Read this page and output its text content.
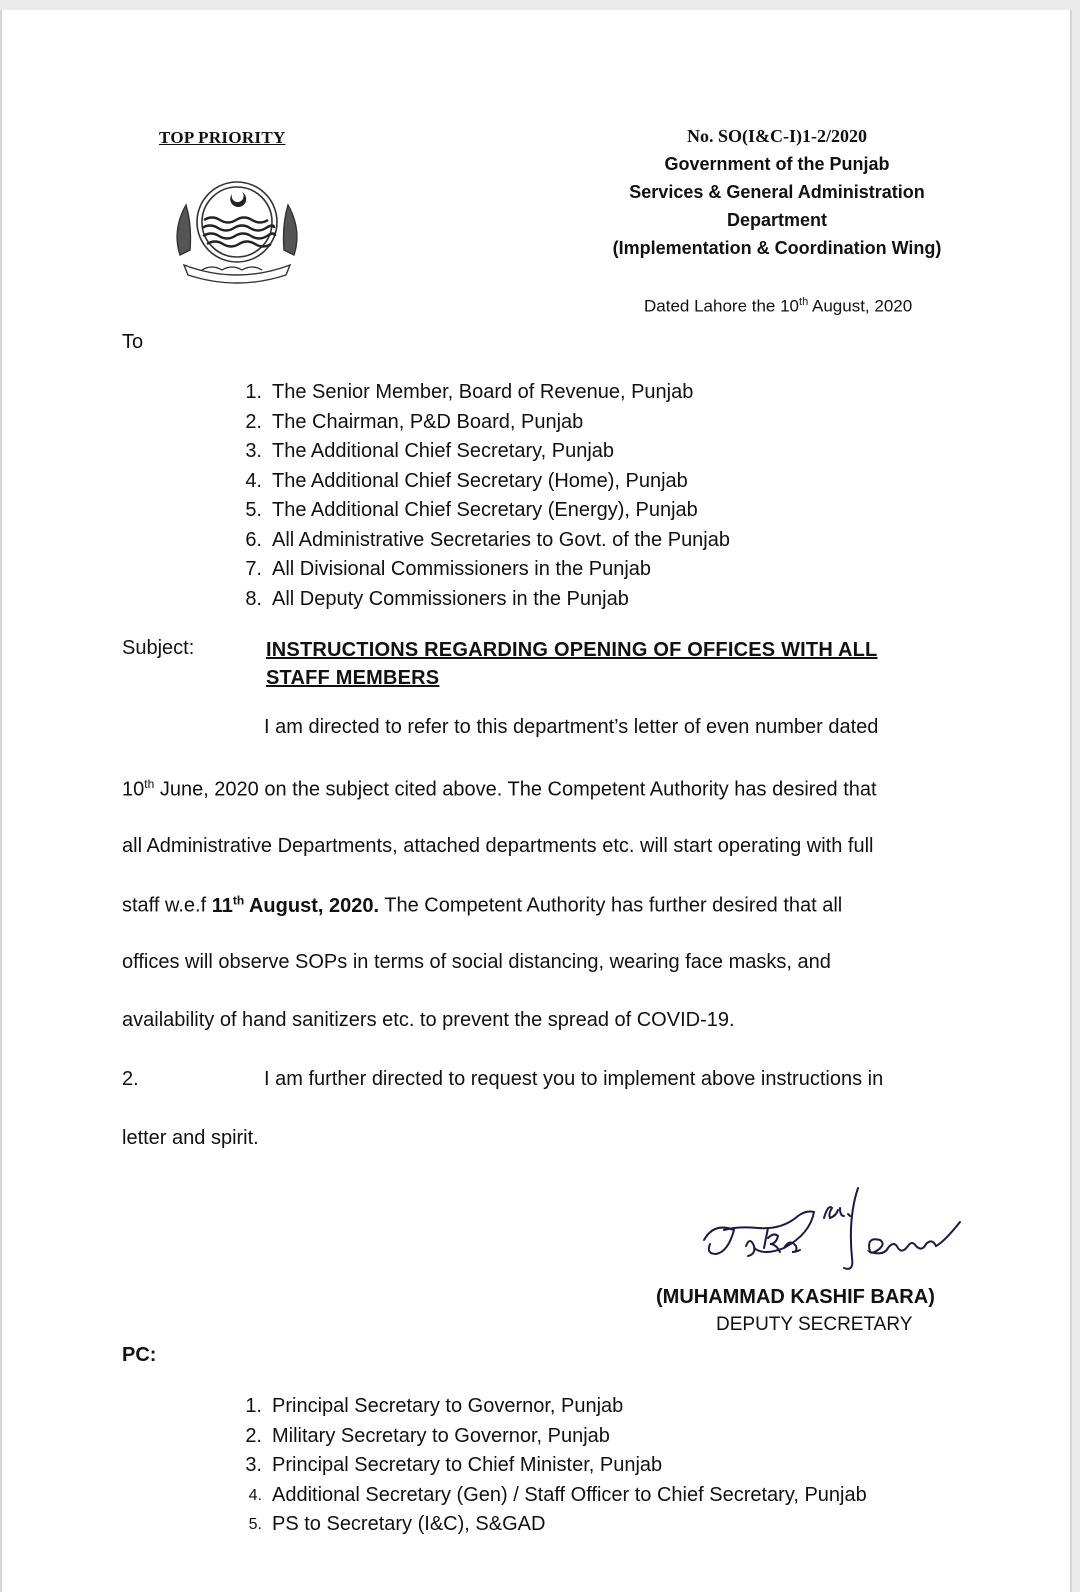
TOP PRIORITY	No. SO(I&C-I)1-2/2020
Government of the Punjab
Services & General Administration
Department
(Implementation & Coordination Wing)
Dated Lahore the 10th August, 2020
To
1. The Senior Member, Board of Revenue, Punjab
2. The Chairman, P&D Board, Punjab
3. The Additional Chief Secretary, Punjab
4. The Additional Chief Secretary (Home), Punjab
5. The Additional Chief Secretary (Energy), Punjab
6. All Administrative Secretaries to Govt. of the Punjab
7. All Divisional Commissioners in the Punjab
8. All Deputy Commissioners in the Punjab
Subject:	INSTRUCTIONS REGARDING OPENING OF OFFICES WITH ALL
STAFF MEMBERS
I am directed to refer to this department’s letter of even number dated
10th June, 2020 on the subject cited above. The Competent Authority has desired that
all Administrative Departments, attached departments etc. will start operating with full
staff w.e.f 11th August, 2020. The Competent Authority has further desired that all
offices will observe SOPs in terms of social distancing, wearing face masks, and
availability of hand sanitizers etc. to prevent the spread of COVID-19.
2.	I am further directed to request you to implement above instructions in
letter and spirit.
(MUHAMMAD KASHIF BARA)
DEPUTY SECRETARY
PC:
1. Principal Secretary to Governor, Punjab
2. Military Secretary to Governor, Punjab
3. Principal Secretary to Chief Minister, Punjab
4. Additional Secretary (Gen) / Staff Officer to Chief Secretary, Punjab
5. PS to Secretary (I&C), S&GAD
